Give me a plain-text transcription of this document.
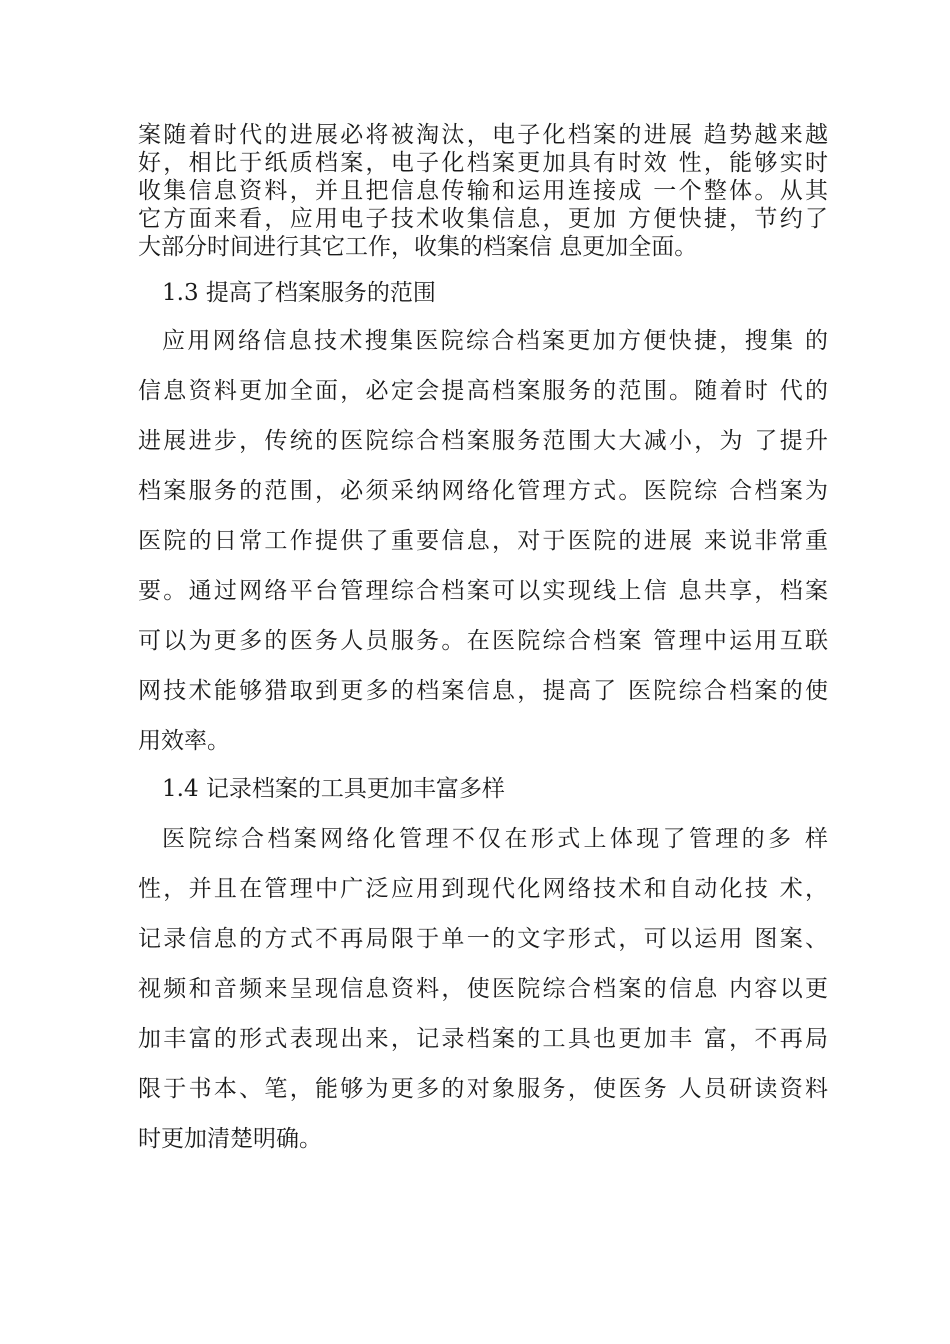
案随着时代的进展必将被淘汰，电子化档案的进展 趋势越来越
好，相比于纸质档案，电子化档案更加具有时效 性，能够实时
收集信息资料，并且把信息传输和运用连接成 一个整体。从其
它方面来看，应用电子技术收集信息，更加 方便快捷，节约了
大部分时间进行其它工作，收集的档案信 息更加全面。
1.3 提高了档案服务的范围
应用网络信息技术搜集医院综合档案更加方便快捷，搜集 的
信息资料更加全面，必定会提高档案服务的范围。随着时 代的
进展进步，传统的医院综合档案服务范围大大减小，为 了提升
档案服务的范围，必须采纳网络化管理方式。医院综 合档案为
医院的日常工作提供了重要信息，对于医院的进展 来说非常重
要。通过网络平台管理综合档案可以实现线上信 息共享，档案
可以为更多的医务人员服务。在医院综合档案 管理中运用互联
网技术能够猎取到更多的档案信息，提高了 医院综合档案的使
用效率。
1.4 记录档案的工具更加丰富多样
医院综合档案网络化管理不仅在形式上体现了管理的多 样
性，并且在管理中广泛应用到现代化网络技术和自动化技 术，
记录信息的方式不再局限于单一的文字形式，可以运用 图案、
视频和音频来呈现信息资料，使医院综合档案的信息 内容以更
加丰富的形式表现出来，记录档案的工具也更加丰 富，不再局
限于书本、笔，能够为更多的对象服务，使医务 人员研读资料
时更加清楚明确。
